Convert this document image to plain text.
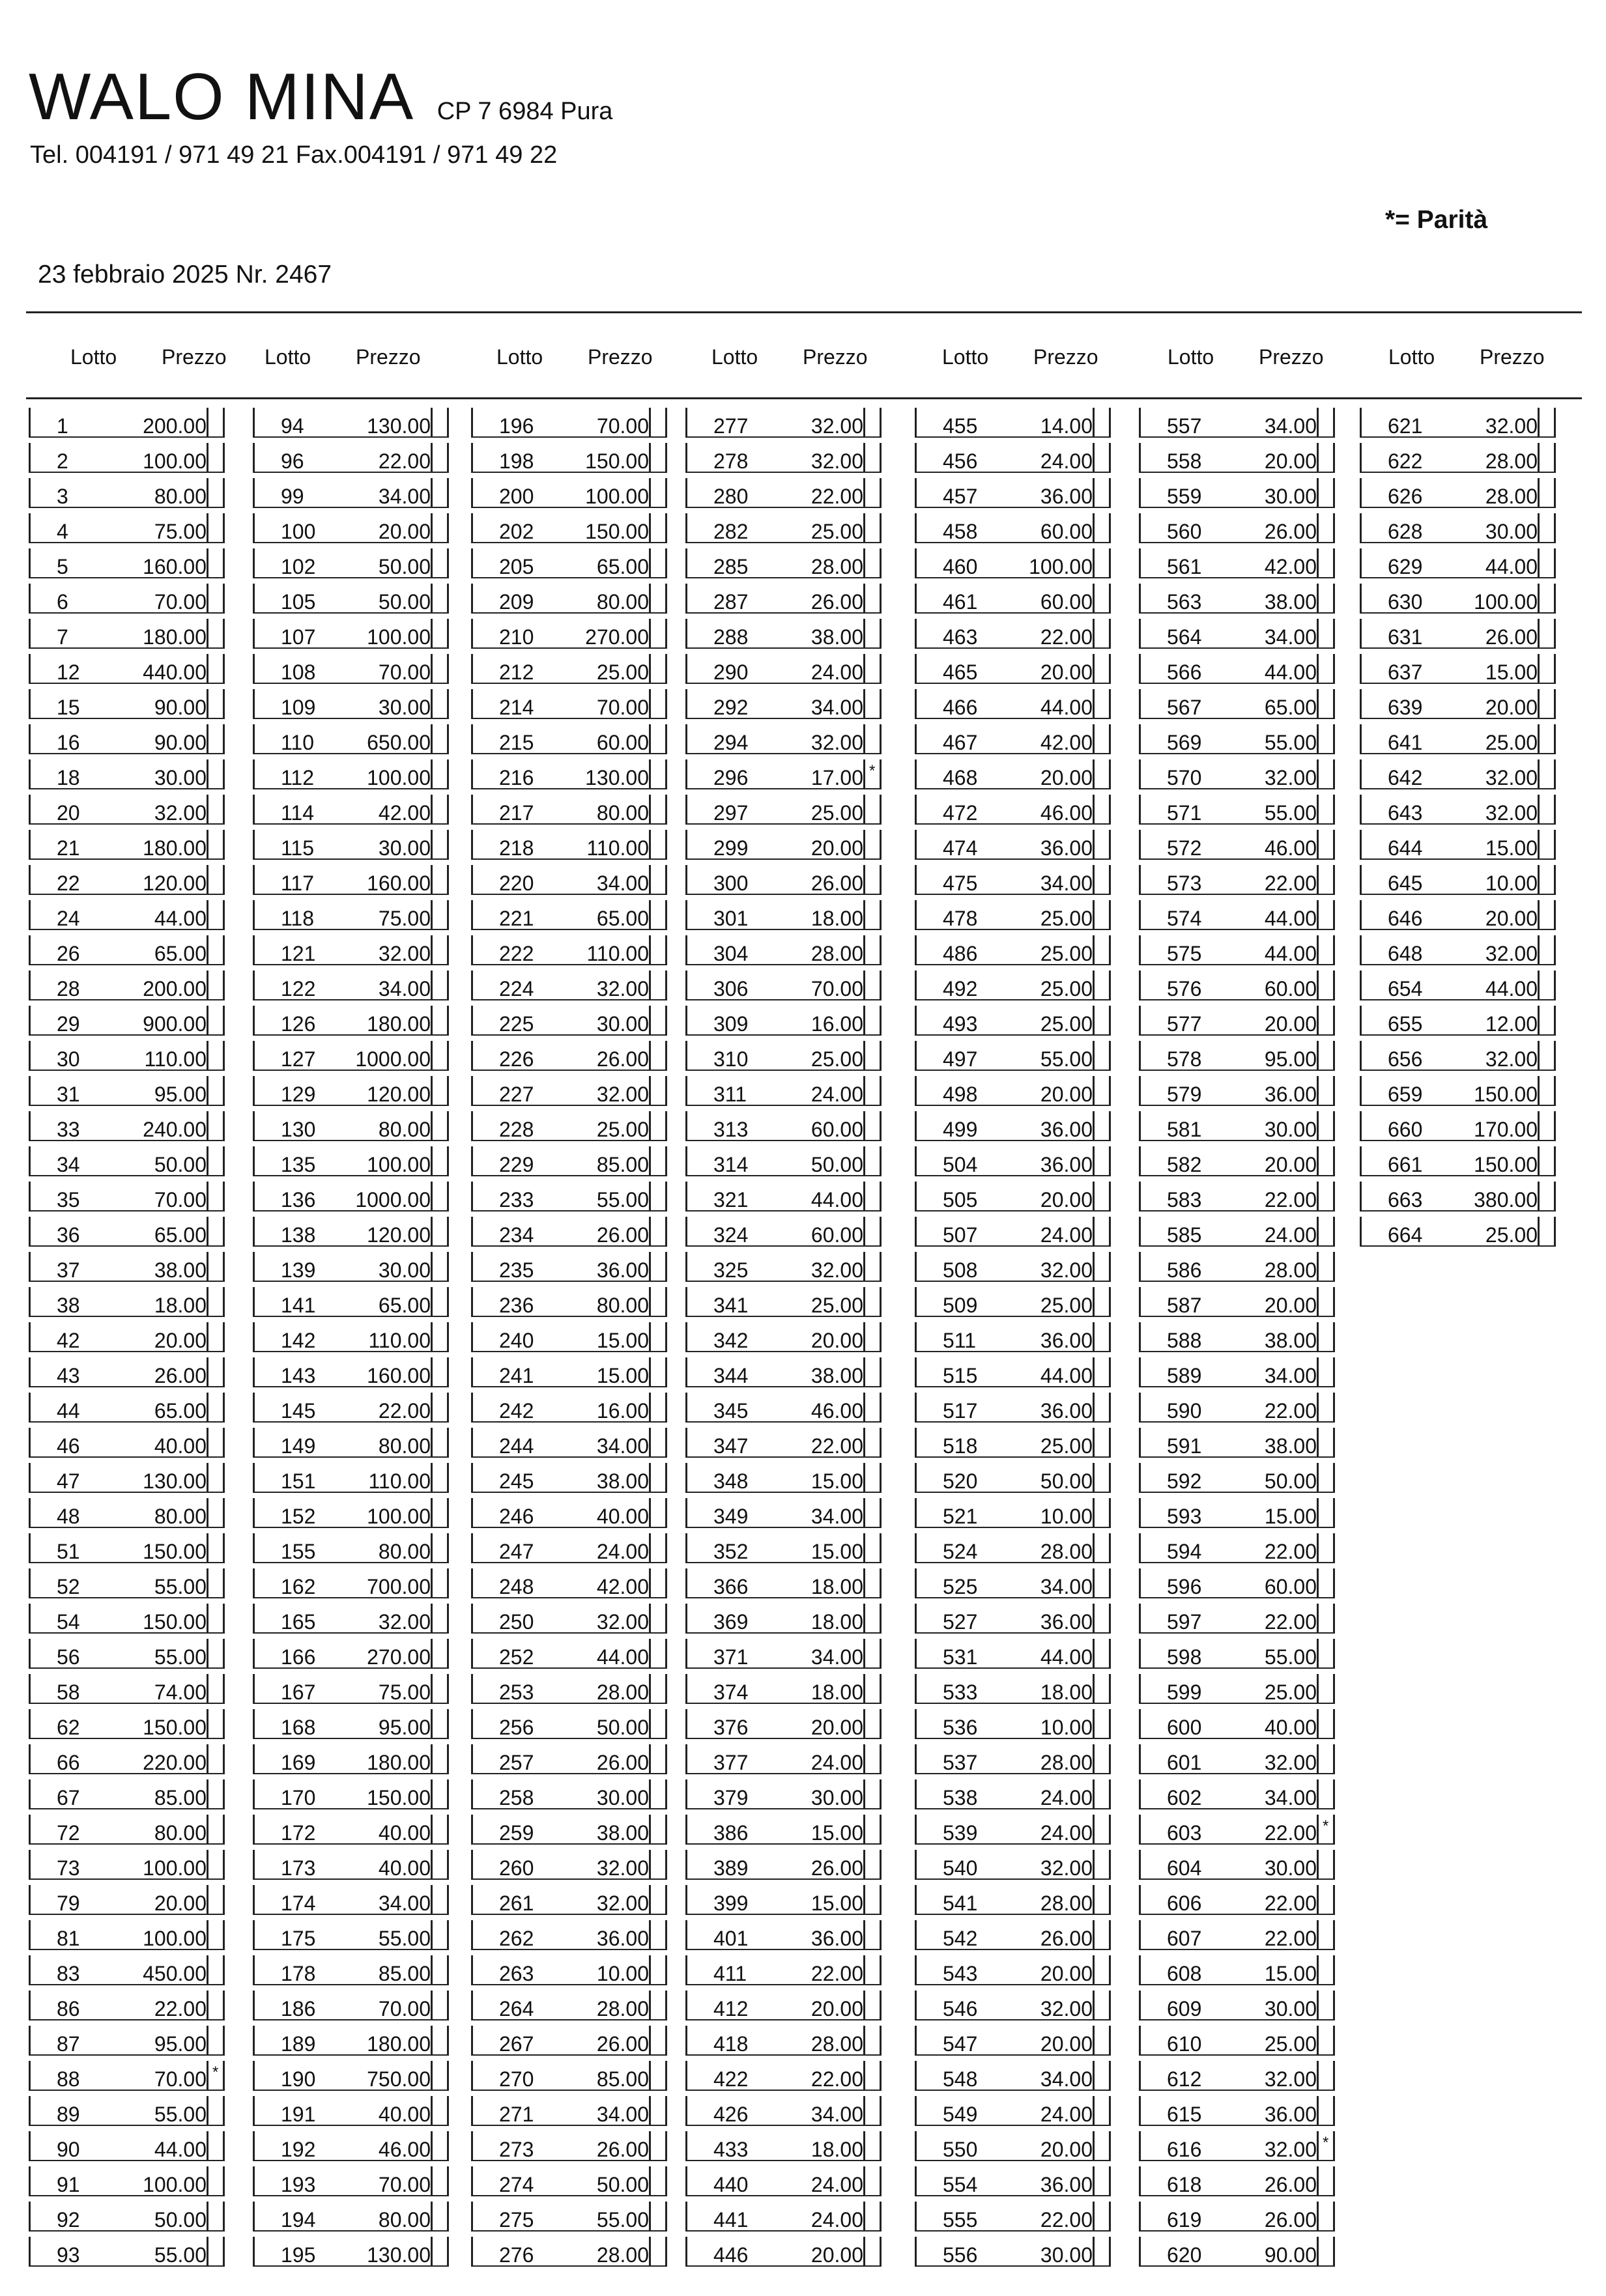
WALO MINA CP 7 6984 Pura
Tel. 004191 / 971 49 21 Fax.004191 / 971 49 22
*= Parità
23 febbraio 2025 Nr. 2467
Lotto Prezzo
1	200.00
2	100.00
3	80.00
4	75.00
5	160.00
6	70.00
7	180.00
12	440.00
15	90.00
16	90.00
18	30.00
20	32.00
21	180.00
22	120.00
24	44.00
26	65.00
28	200.00
29	900.00
30	110.00
31	95.00
33	240.00
34	50.00
35	70.00
36	65.00
37	38.00
38	18.00
42	20.00
43	26.00
44	65.00
46	40.00
47	130.00
48	80.00
51	150.00
52	55.00
54	150.00
56	55.00
58	74.00
62	150.00
66	220.00
67	85.00
72	80.00
73	100.00
79	20.00
81	100.00
83	450.00
86	22.00
87	95.00
88	70.00 *
89	55.00
90	44.00
91	100.00
92	50.00
93	55.00
Lotto Prezzo
94	130.00
96	22.00
99	34.00
100	20.00
102	50.00
105	50.00
107	100.00
108	70.00
109	30.00
110	650.00
112	100.00
114	42.00
115	30.00
117	160.00
118	75.00
121	32.00
122	34.00
126	180.00
127	1000.00
129	120.00
130	80.00
135	100.00
136	1000.00
138	120.00
139	30.00
141	65.00
142	110.00
143	160.00
145	22.00
149	80.00
151	110.00
152	100.00
155	80.00
162	700.00
165	32.00
166	270.00
167	75.00
168	95.00
169	180.00
170	150.00
172	40.00
173	40.00
174	34.00
175	55.00
178	85.00
186	70.00
189	180.00
190	750.00
191	40.00
192	46.00
193	70.00
194	80.00
195	130.00
Lotto Prezzo
196	70.00
198	150.00
200	100.00
202	150.00
205	65.00
209	80.00
210	270.00
212	25.00
214	70.00
215	60.00
216	130.00
217	80.00
218	110.00
220	34.00
221	65.00
222	110.00
224	32.00
225	30.00
226	26.00
227	32.00
228	25.00
229	85.00
233	55.00
234	26.00
235	36.00
236	80.00
240	15.00
241	15.00
242	16.00
244	34.00
245	38.00
246	40.00
247	24.00
248	42.00
250	32.00
252	44.00
253	28.00
256	50.00
257	26.00
258	30.00
259	38.00
260	32.00
261	32.00
262	36.00
263	10.00
264	28.00
267	26.00
270	85.00
271	34.00
273	26.00
274	50.00
275	55.00
276	28.00
Lotto Prezzo
277	32.00
278	32.00
280	22.00
282	25.00
285	28.00
287	26.00
288	38.00
290	24.00
292	34.00
294	32.00
296	17.00 *
297	25.00
299	20.00
300	26.00
301	18.00
304	28.00
306	70.00
309	16.00
310	25.00
311	24.00
313	60.00
314	50.00
321	44.00
324	60.00
325	32.00
341	25.00
342	20.00
344	38.00
345	46.00
347	22.00
348	15.00
349	34.00
352	15.00
366	18.00
369	18.00
371	34.00
374	18.00
376	20.00
377	24.00
379	30.00
386	15.00
389	26.00
399	15.00
401	36.00
411	22.00
412	20.00
418	28.00
422	22.00
426	34.00
433	18.00
440	24.00
441	24.00
446	20.00
Lotto Prezzo
455	14.00
456	24.00
457	36.00
458	60.00
460	100.00
461	60.00
463	22.00
465	20.00
466	44.00
467	42.00
468	20.00
472	46.00
474	36.00
475	34.00
478	25.00
486	25.00
492	25.00
493	25.00
497	55.00
498	20.00
499	36.00
504	36.00
505	20.00
507	24.00
508	32.00
509	25.00
511	36.00
515	44.00
517	36.00
518	25.00
520	50.00
521	10.00
524	28.00
525	34.00
527	36.00
531	44.00
533	18.00
536	10.00
537	28.00
538	24.00
539	24.00
540	32.00
541	28.00
542	26.00
543	20.00
546	32.00
547	20.00
548	34.00
549	24.00
550	20.00
554	36.00
555	22.00
556	30.00
Lotto Prezzo
557	34.00
558	20.00
559	30.00
560	26.00
561	42.00
563	38.00
564	34.00
566	44.00
567	65.00
569	55.00
570	32.00
571	55.00
572	46.00
573	22.00
574	44.00
575	44.00
576	60.00
577	20.00
578	95.00
579	36.00
581	30.00
582	20.00
583	22.00
585	24.00
586	28.00
587	20.00
588	38.00
589	34.00
590	22.00
591	38.00
592	50.00
593	15.00
594	22.00
596	60.00
597	22.00
598	55.00
599	25.00
600	40.00
601	32.00
602	34.00
603	22.00 *
604	30.00
606	22.00
607	22.00
608	15.00
609	30.00
610	25.00
612	32.00
615	36.00
616	32.00 *
618	26.00
619	26.00
620	90.00
Lotto Prezzo
621	32.00
622	28.00
626	28.00
628	30.00
629	44.00
630	100.00
631	26.00
637	15.00
639	20.00
641	25.00
642	32.00
643	32.00
644	15.00
645	10.00
646	20.00
648	32.00
654	44.00
655	12.00
656	32.00
659	150.00
660	170.00
661	150.00
663	380.00
664	25.00
